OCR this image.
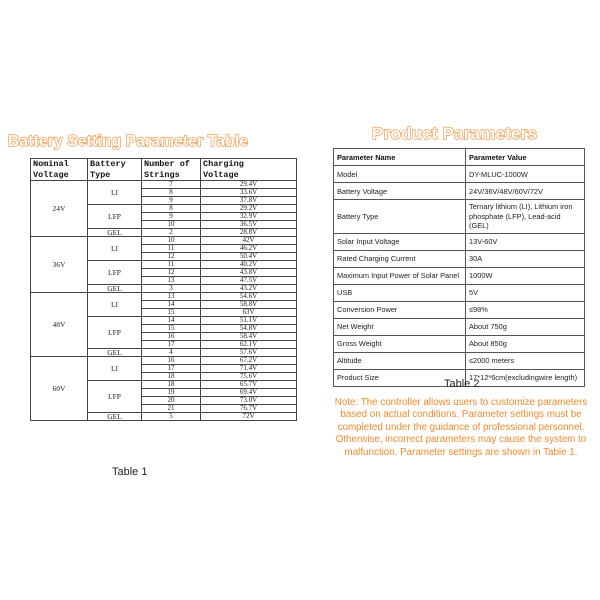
Battery Setting Parameter Table
Nominal	Battery	Number of	Charging
Voltage	Type	Strings	Voltage
24V	LI	7	29.4V
		8	33.6V
		9	37.8V
	LFP	8	29.2V
		9	32.9V
		10	36.5V
	GEL	2	28.8V
36V	LI	10	42V
		11	46.2V
		12	50.4V
	LFP	11	40.2V
		12	43.8V
		13	47.5V
	GEL	3	43.2V
48V	LI	13	54.6V
		14	58.8V
		15	63V
	LFP	14	51.1V
		15	54.8V
		16	58.4V
		17	62.1V
	GEL	4	57.6V
60V	LI	16	67.2V
		17	71.4V
		18	75.6V
	LFP	18	65.7V
		19	69.4V
		20	73.0V
		21	76.7V
	GEL	5	72V
Table 1
Product Parameters
Parameter Name	Parameter Value
Model	DY-MLUC-1000W
Battery Voltage	24V/36V/48V/60V/72V
Battery Type	Ternary lithium (LI), Lithium iron phosphate (LFP), Lead-acid (GEL)
Solar Input Voltage	13V-60V
Rated Charging Current	30A
Maximum Input Power of Solar Panel	1000W
USB	5V
Conversion Power	≤98%
Net Weight	About 750g
Gross Weight	About 850g
Altitude	≤2000 meters
Product Size	17*12*6cm(excludingwire length)
Table 2
Note: The controller allows users to customize parameters based on actual conditions. Parameter settings must be completed under the guidance of professional personnel. Otherwise, incorrect parameters may cause the system to malfunction. Parameter settings are shown in Table 1.
